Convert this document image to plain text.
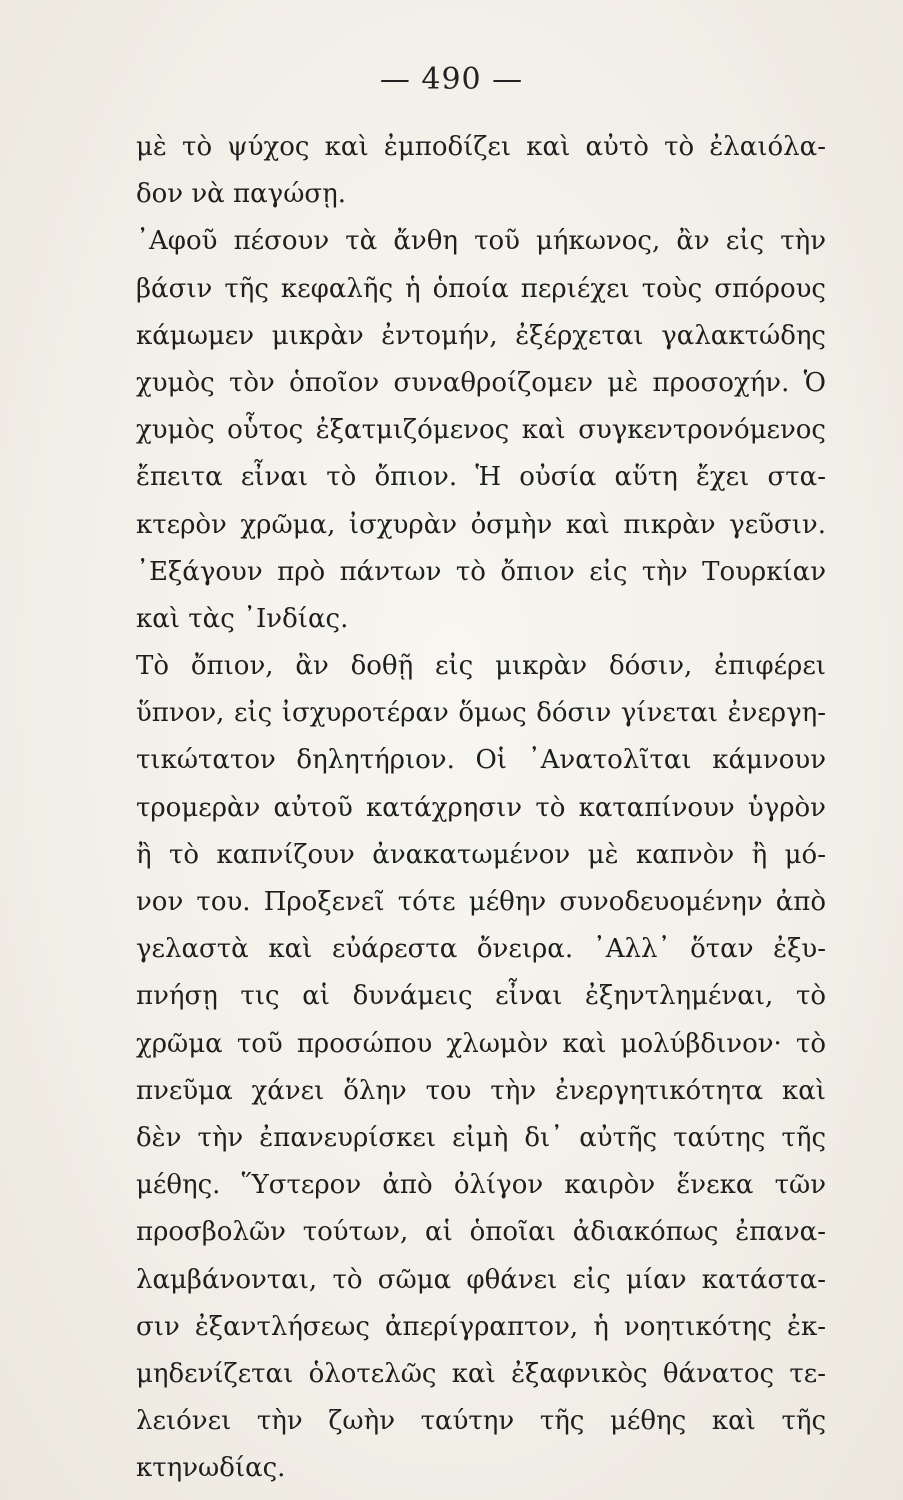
— 490 —
μὲ τὸ ψύχος καὶ ἐμποδίζει καὶ αὐτὸ τὸ ἐλαιόλα-
δον νὰ παγώσῃ.
᾿Αφοῦ πέσουν τὰ ἄνθη τοῦ μήκωνος, ἂν εἰς τὴν
βάσιν τῆς κεφαλῆς ἡ ὁποία περιέχει τοὺς σπόρους
κάμωμεν μικρὰν ἐντομήν, ἐξέρχεται γαλακτώδης
χυμὸς τὸν ὁποῖον συναθροίζομεν μὲ προσοχήν. Ὁ
χυμὸς οὗτος ἐξατμιζόμενος καὶ συγκεντρονόμενος
ἔπειτα εἶναι τὸ ὄπιον. Ἡ οὐσία αὕτη ἔχει στα-
κτερὸν χρῶμα, ἰσχυρὰν ὀσμὴν καὶ πικρὰν γεῦσιν.
᾿Εξάγουν πρὸ πάντων τὸ ὄπιον εἰς τὴν Τουρκίαν
καὶ τὰς ᾿Ινδίας.
Τὸ ὄπιον, ἂν δοθῇ εἰς μικρὰν δόσιν, ἐπιφέρει
ὕπνον, εἰς ἰσχυροτέραν ὅμως δόσιν γίνεται ἐνεργη-
τικώτατον δηλητήριον. Οἱ ᾿Ανατολῖται κάμνουν
τρομερὰν αὐτοῦ κατάχρησιν τὸ καταπίνουν ὑγρὸν
ἢ τὸ καπνίζουν ἀνακατωμένον μὲ καπνὸν ἢ μό-
νον του. Προξενεῖ τότε μέθην συνοδευομένην ἀπὸ
γελαστὰ καὶ εὐάρεστα ὄνειρα. ᾿Αλλ᾿ ὅταν ἐξυ-
πνήσῃ τις αἱ δυνάμεις εἶναι ἐξηντλημέναι, τὸ
χρῶμα τοῦ προσώπου χλωμὸν καὶ μολύβδινον· τὸ
πνεῦμα χάνει ὅλην του τὴν ἐνεργητικότητα καὶ
δὲν τὴν ἐπανευρίσκει εἰμὴ δι᾿ αὐτῆς ταύτης τῆς
μέθης. Ὕστερον ἀπὸ ὀλίγον καιρὸν ἕνεκα τῶν
προσβολῶν τούτων, αἱ ὁποῖαι ἀδιακόπως ἐπανα-
λαμβάνονται, τὸ σῶμα φθάνει εἰς μίαν κατάστα-
σιν ἐξαντλήσεως ἀπερίγραπτον, ἡ νοητικότης ἐκ-
μηδενίζεται ὁλοτελῶς καὶ ἐξαφνικὸς θάνατος τε-
λειόνει τὴν ζωὴν ταύτην τῆς μέθης καὶ τῆς
κτηνωδίας.
